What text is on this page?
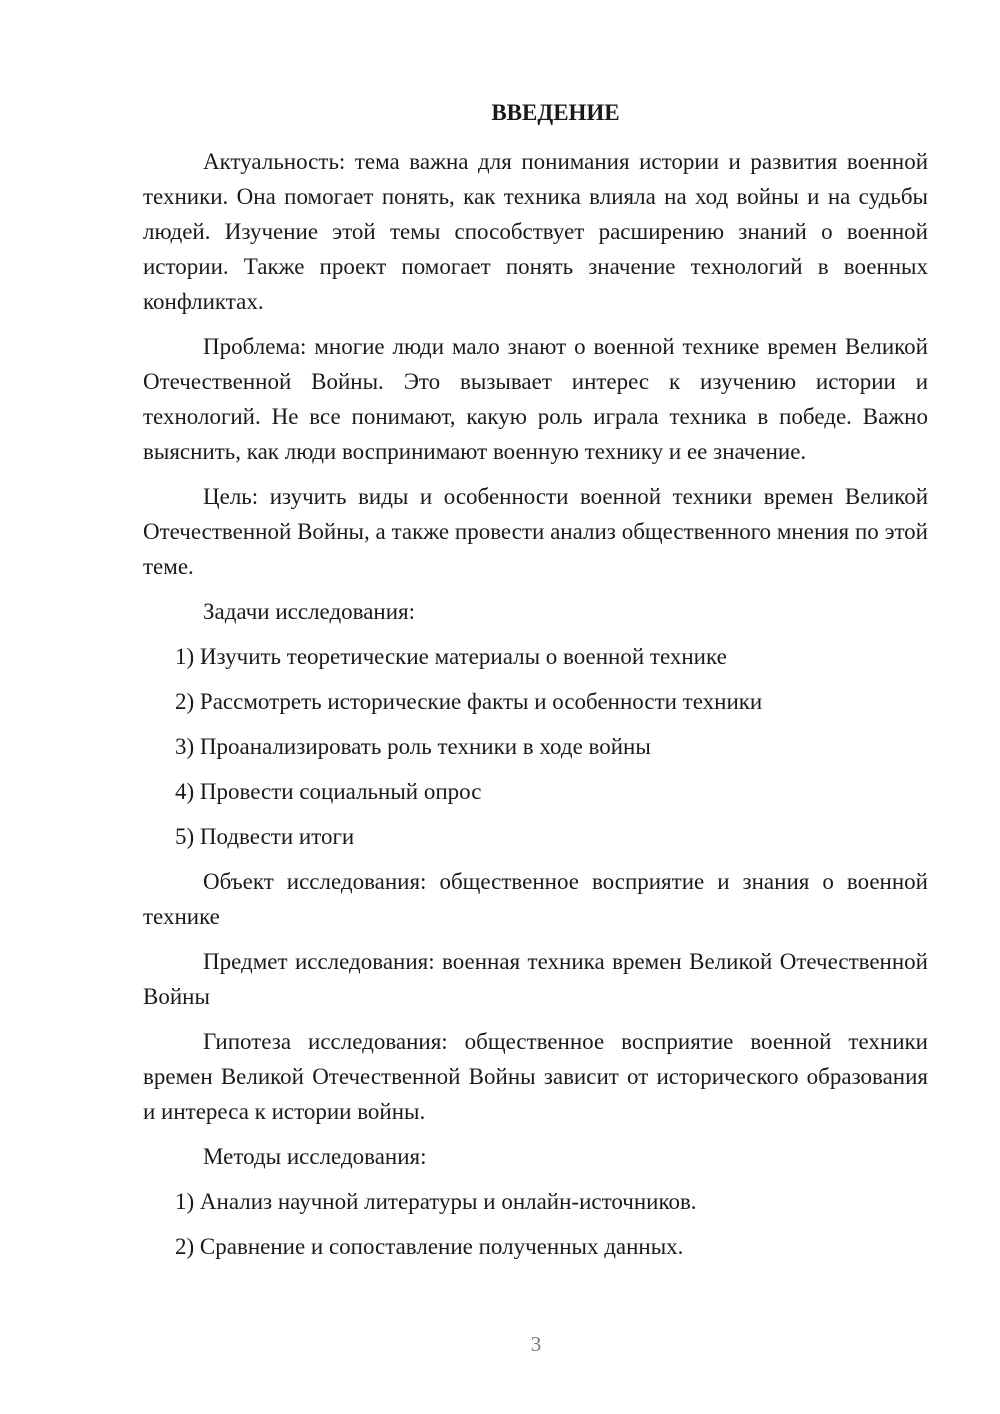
ВВЕДЕНИЕ

Актуальность: тема важна для понимания истории и развития военной техники. Она помогает понять, как техника влияла на ход войны и на судьбы людей. Изучение этой темы способствует расширению знаний о военной истории. Также проект помогает понять значение технологий в военных конфликтах.

Проблема: многие люди мало знают о военной технике времен Великой Отечественной Войны. Это вызывает интерес к изучению истории и технологий. Не все понимают, какую роль играла техника в победе. Важно выяснить, как люди воспринимают военную технику и ее значение.

Цель: изучить виды и особенности военной техники времен Великой Отечественной Войны, а также провести анализ общественного мнения по этой теме.

Задачи исследования:

1) Изучить теоретические материалы о военной технике

2) Рассмотреть исторические факты и особенности техники

3) Проанализировать роль техники в ходе войны

4) Провести социальный опрос

5) Подвести итоги

Объект исследования: общественное восприятие и знания о военной технике

Предмет исследования: военная техника времен Великой Отечественной Войны

Гипотеза исследования: общественное восприятие военной техники времен Великой Отечественной Войны зависит от исторического образования и интереса к истории войны.

Методы исследования:

1) Анализ научной литературы и онлайн-источников.

2) Сравнение и сопоставление полученных данных.

3
